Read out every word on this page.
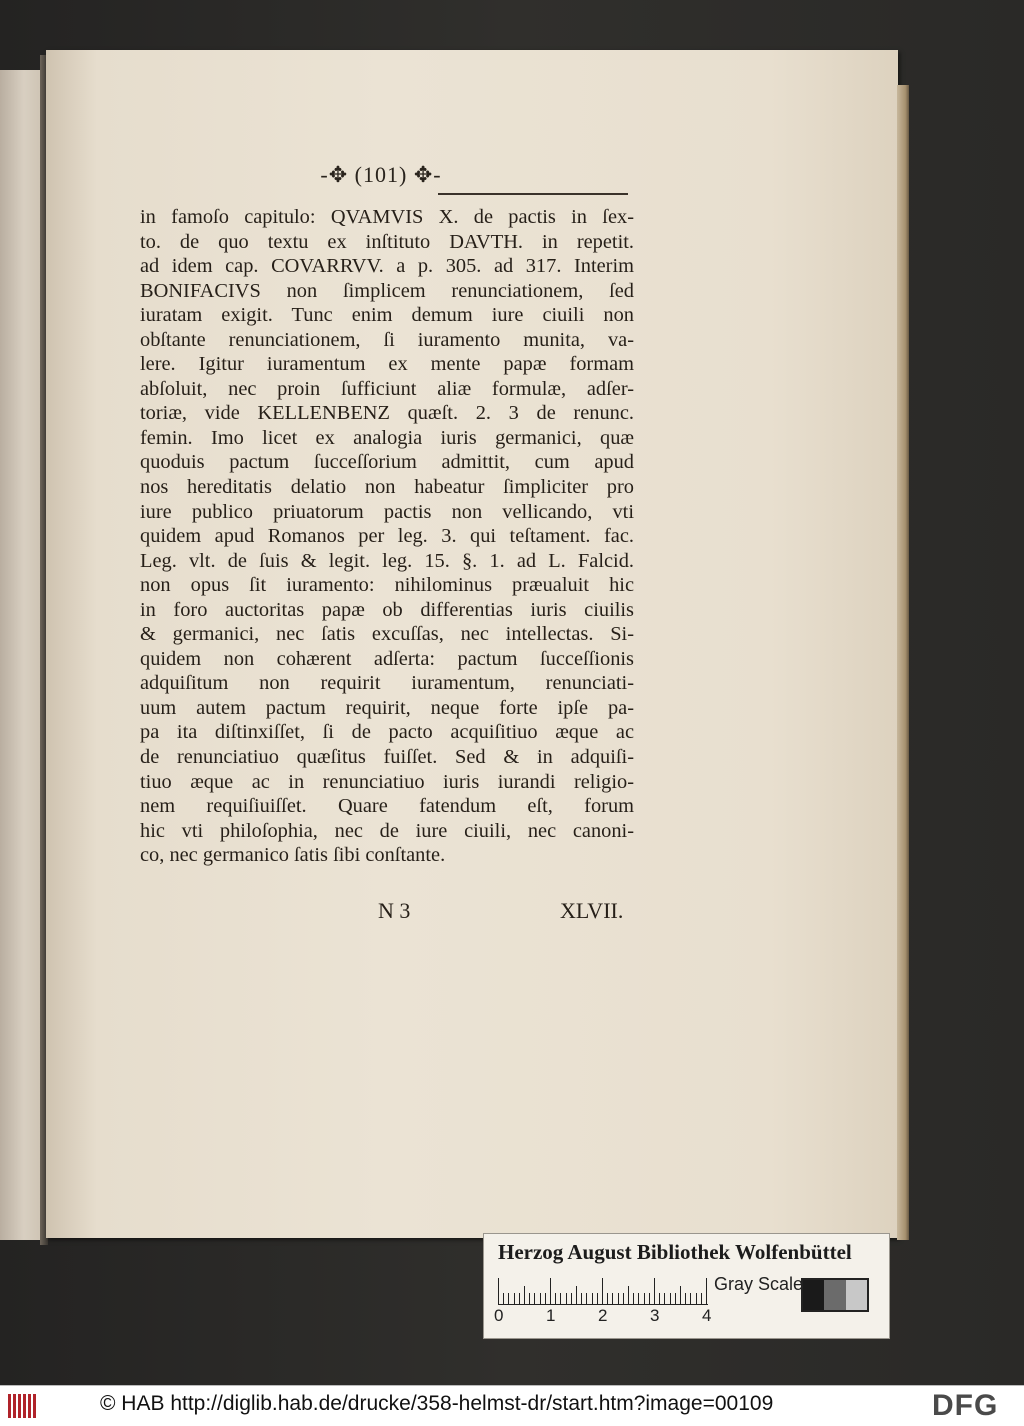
-✥ (101) ✥-
in famoſo capitulo: QVAMVIS X. de pactis in ſex-
to. de quo textu ex inſtituto DAVTH. in repetit.
ad idem cap. COVARRVV. a p. 305. ad 317. Interim
BONIFACIVS non ſimplicem renunciationem, ſed
iuratam exigit. Tunc enim demum iure ciuili non
obſtante renunciationem, ſi iuramento munita, va-
lere. Igitur iuramentum ex mente papæ formam
abſoluit, nec proin ſufficiunt aliæ formulæ, adſer-
toriæ, vide KELLENBENZ quæſt. 2. 3 de renunc.
femin. Imo licet ex analogia iuris germanici, quæ
quoduis pactum ſucceſſorium admittit, cum apud
nos hereditatis delatio non habeatur ſimpliciter pro
iure publico priuatorum pactis non vellicando, vti
quidem apud Romanos per leg. 3. qui teſtament. fac.
Leg. vlt. de ſuis & legit. leg. 15. §. 1. ad L. Falcid.
non opus ſit iuramento: nihilominus præualuit hic
in foro auctoritas papæ ob differentias iuris ciuilis
& germanici, nec ſatis excuſſas, nec intellectas. Si-
quidem non cohærent adſerta: pactum ſucceſſionis
adquiſitum non requirit iuramentum, renunciati-
uum autem pactum requirit, neque forte ipſe pa-
pa ita diſtinxiſſet, ſi de pacto acquiſitiuo æque ac
de renunciatiuo quæſitus fuiſſet. Sed & in adquiſi-
tiuo æque ac in renunciatiuo iuris iurandi religio-
nem requiſiuiſſet. Quare fatendum eſt, forum
hic vti philoſophia, nec de iure ciuili, nec canoni-
co, nec germanico ſatis ſibi conſtante.
N 3	XLVII.
Herzog August Bibliothek Wolfenbüttel
0	1	2	3	4
Gray Scale
© HAB http://diglib.hab.de/drucke/358-helmst-dr/start.htm?image=00109	DFG
